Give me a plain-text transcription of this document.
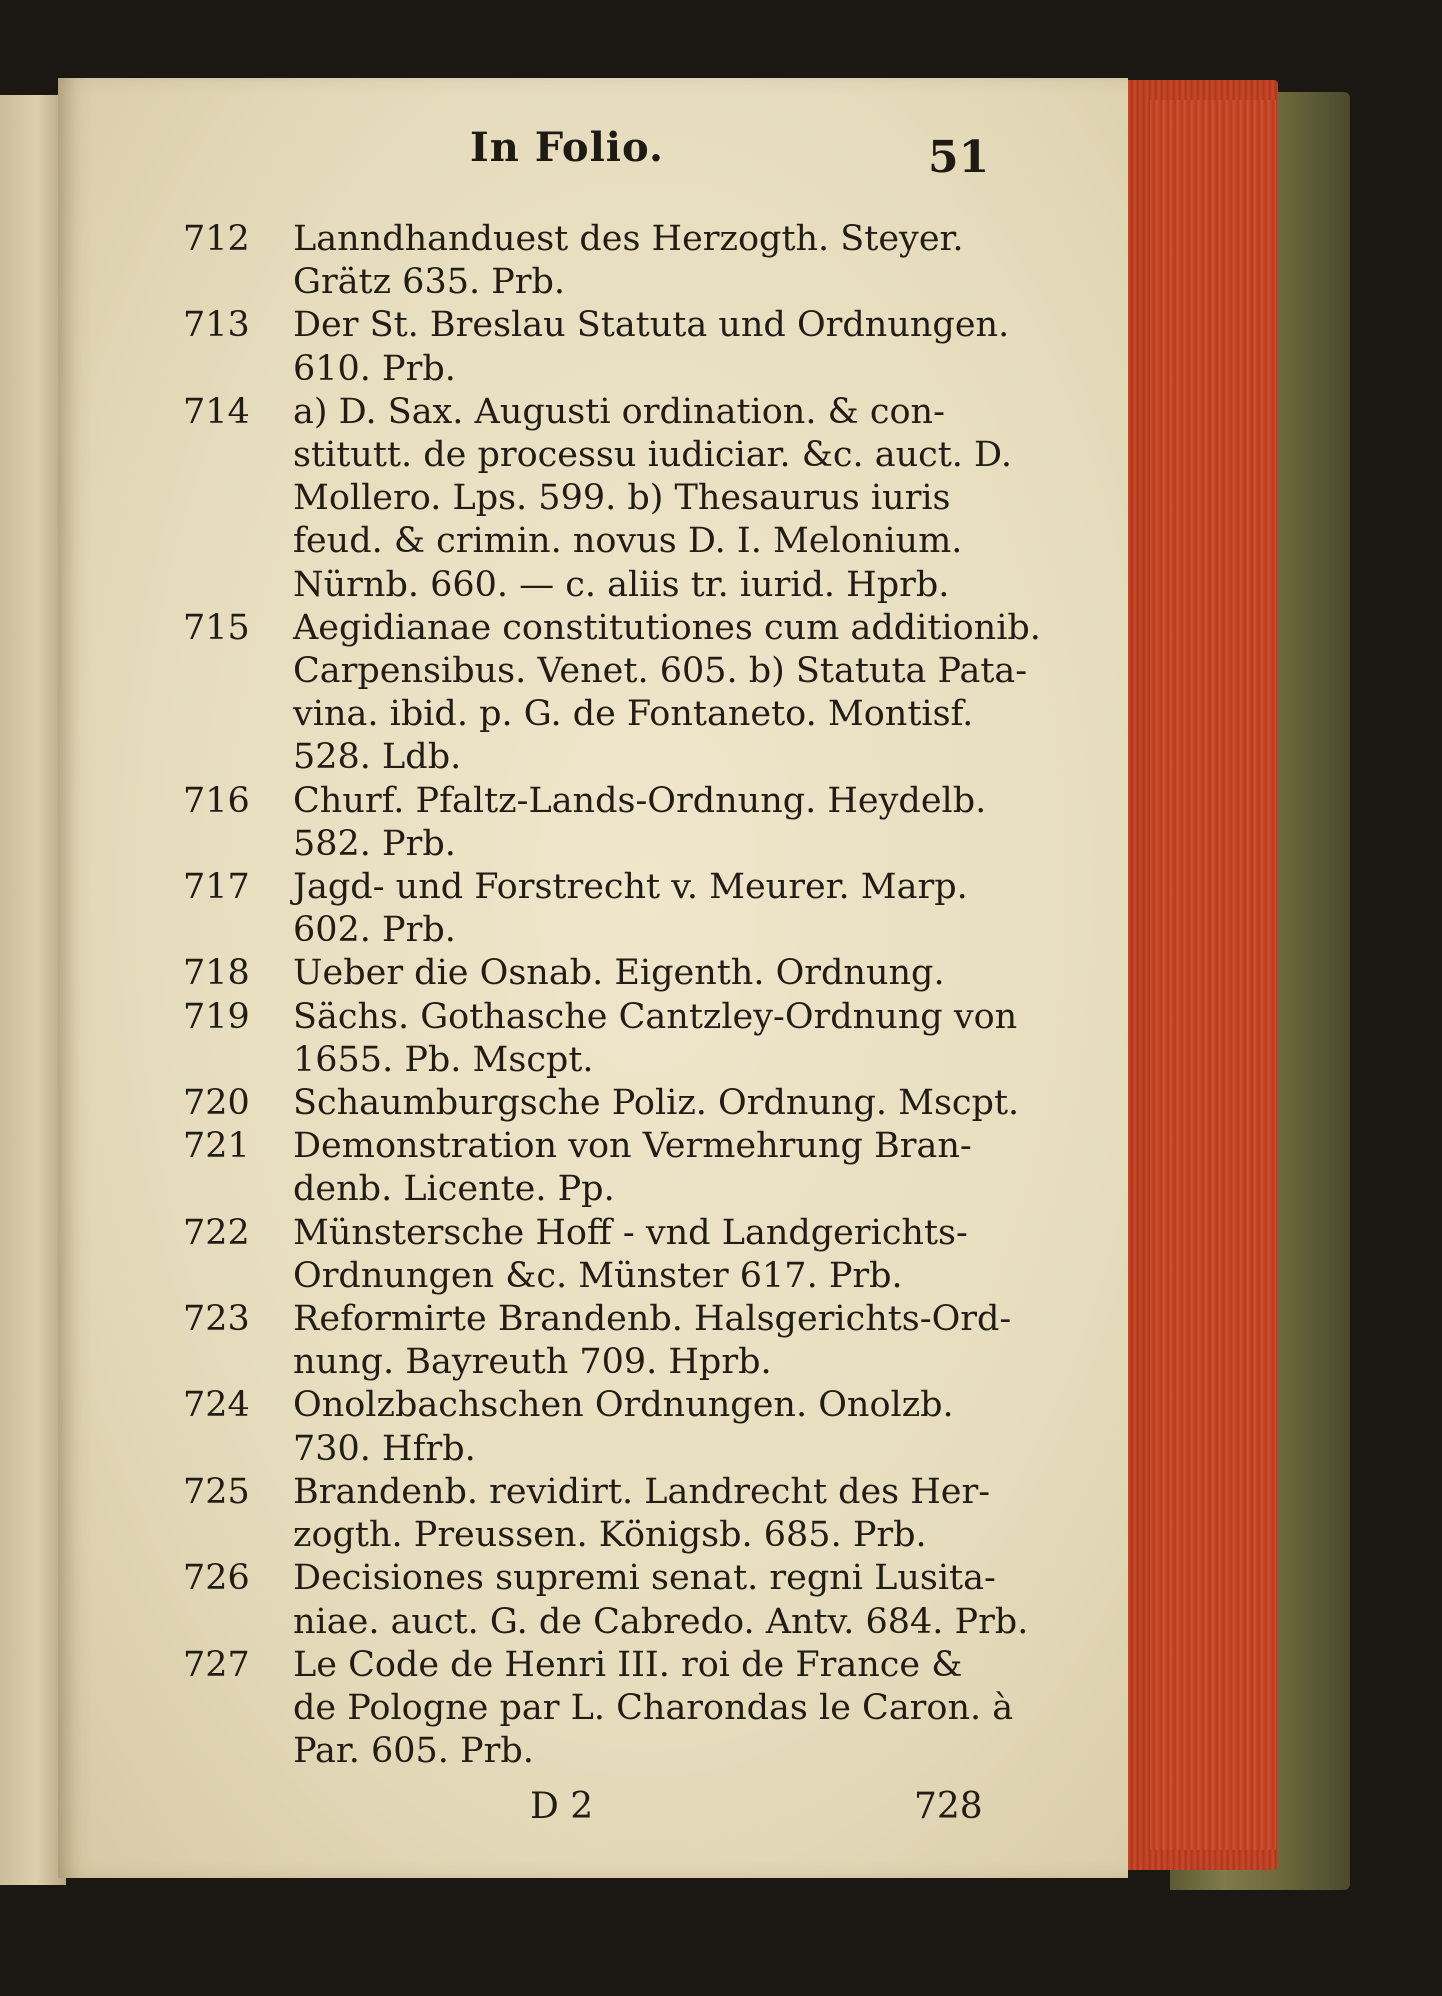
In Folio.	51
712	Lanndhanduest des Herzogth. Steyer.
Grätz 635. Prb.
713	Der St. Breslau Statuta und Ordnungen.
610. Prb.
714	a) D. Sax. Augusti ordination. & con-
stitutt. de processu iudiciar. &c. auct. D.
Mollero. Lps. 599. b) Thesaurus iuris
feud. & crimin. novus D. I. Melonium.
Nürnb. 660. — c. aliis tr. iurid. Hprb.
715	Aegidianae constitutiones cum additionib.
Carpensibus. Venet. 605. b) Statuta Pata-
vina. ibid. p. G. de Fontaneto. Montisf.
528. Ldb.
716	Churf. Pfaltz-Lands-Ordnung. Heydelb.
582. Prb.
717	Jagd- und Forstrecht v. Meurer. Marp.
602. Prb.
718	Ueber die Osnab. Eigenth. Ordnung.
719	Sächs. Gothasche Cantzley-Ordnung von
1655. Pb. Mscpt.
720	Schaumburgsche Poliz. Ordnung. Mscpt.
721	Demonstration von Vermehrung Bran-
denb. Licente. Pp.
722	Münstersche Hoff - vnd Landgerichts-
Ordnungen &c. Münster 617. Prb.
723	Reformirte Brandenb. Halsgerichts-Ord-
nung. Bayreuth 709. Hprb.
724	Onolzbachschen Ordnungen. Onolzb.
730. Hfrb.
725	Brandenb. revidirt. Landrecht des Her-
zogth. Preussen. Königsb. 685. Prb.
726	Decisiones supremi senat. regni Lusita-
niae. auct. G. de Cabredo. Antv. 684. Prb.
727	Le Code de Henri III. roi de France &
de Pologne par L. Charondas le Caron. à
Par. 605. Prb.
D 2	728
